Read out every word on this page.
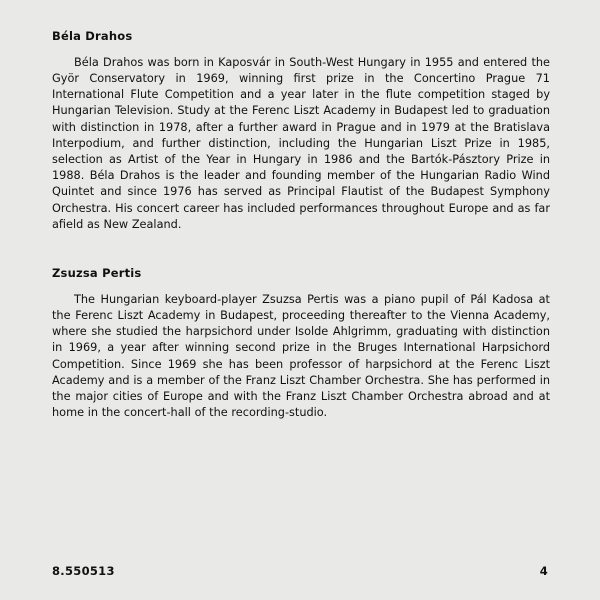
Béla Drahos

Béla Drahos was born in Kaposvár in South-West Hungary in 1955 and entered the Györ Conservatory in 1969, winning first prize in the Concertino Prague 71 International Flute Competition and a year later in the flute competition staged by Hungarian Television. Study at the Ferenc Liszt Academy in Budapest led to graduation with distinction in 1978, after a further award in Prague and in 1979 at the Bratislava Interpodium, and further distinction, including the Hungarian Liszt Prize in 1985, selection as Artist of the Year in Hungary in 1986 and the Bartók-Pásztory Prize in 1988. Béla Drahos is the leader and founding member of the Hungarian Radio Wind Quintet and since 1976 has served as Principal Flautist of the Budapest Symphony Orchestra. His concert career has included performances throughout Europe and as far afield as New Zealand.

Zsuzsa Pertis

The Hungarian keyboard-player Zsuzsa Pertis was a piano pupil of Pál Kadosa at the Ferenc Liszt Academy in Budapest, proceeding thereafter to the Vienna Academy, where she studied the harpsichord under Isolde Ahlgrimm, graduating with distinction in 1969, a year after winning second prize in the Bruges International Harpsichord Competition. Since 1969 she has been professor of harpsichord at the Ferenc Liszt Academy and is a member of the Franz Liszt Chamber Orchestra. She has performed in the major cities of Europe and with the Franz Liszt Chamber Orchestra abroad and at home in the concert-hall of the recording-studio.

8.550513	4
